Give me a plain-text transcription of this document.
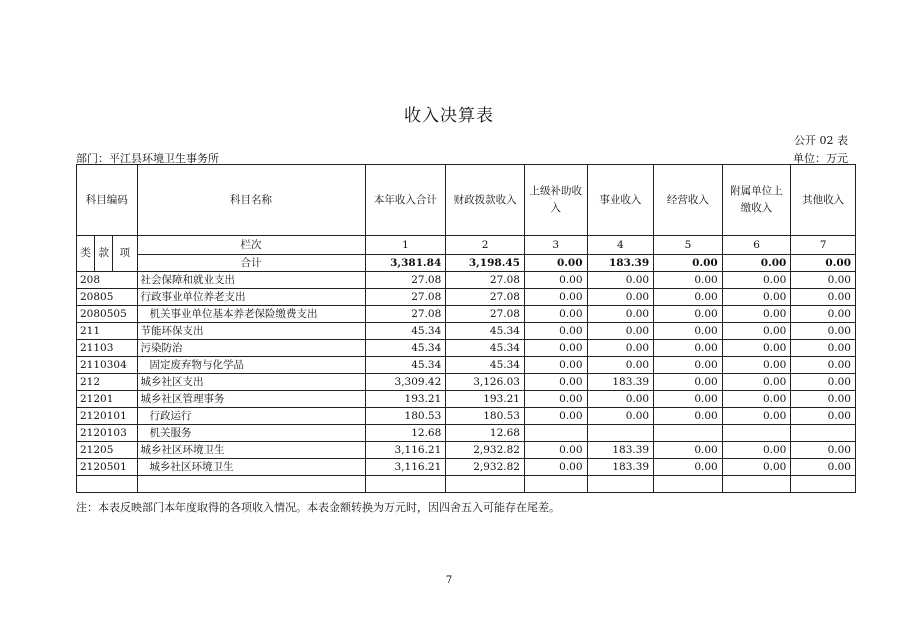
收入决算表
公开 02 表
部门：平江县环境卫生事务所	单位：万元
科目编码			科目名称	本年收入合计	财政拨款收入	上级补助收入	事业收入	经营收入	附属单位上缴收入	其他收入
类	款	项	栏次	1	2	3	4	5	6	7
			合计	3,381.84	3,198.45	0.00	183.39	0.00	0.00	0.00
208			社会保障和就业支出	27.08	27.08	0.00	0.00	0.00	0.00	0.00
20805			行政事业单位养老支出	27.08	27.08	0.00	0.00	0.00	0.00	0.00
2080505			机关事业单位基本养老保险缴费支出	27.08	27.08	0.00	0.00	0.00	0.00	0.00
211			节能环保支出	45.34	45.34	0.00	0.00	0.00	0.00	0.00
21103			污染防治	45.34	45.34	0.00	0.00	0.00	0.00	0.00
2110304			固定废弃物与化学品	45.34	45.34	0.00	0.00	0.00	0.00	0.00
212			城乡社区支出	3,309.42	3,126.03	0.00	183.39	0.00	0.00	0.00
21201			城乡社区管理事务	193.21	193.21	0.00	0.00	0.00	0.00	0.00
2120101			行政运行	180.53	180.53	0.00	0.00	0.00	0.00	0.00
2120103			机关服务	12.68	12.68					
21205			城乡社区环境卫生	3,116.21	2,932.82	0.00	183.39	0.00	0.00	0.00
2120501			城乡社区环境卫生	3,116.21	2,932.82	0.00	183.39	0.00	0.00	0.00

注：本表反映部门本年度取得的各项收入情况。本表金额转换为万元时，因四舍五入可能存在尾差。
7
